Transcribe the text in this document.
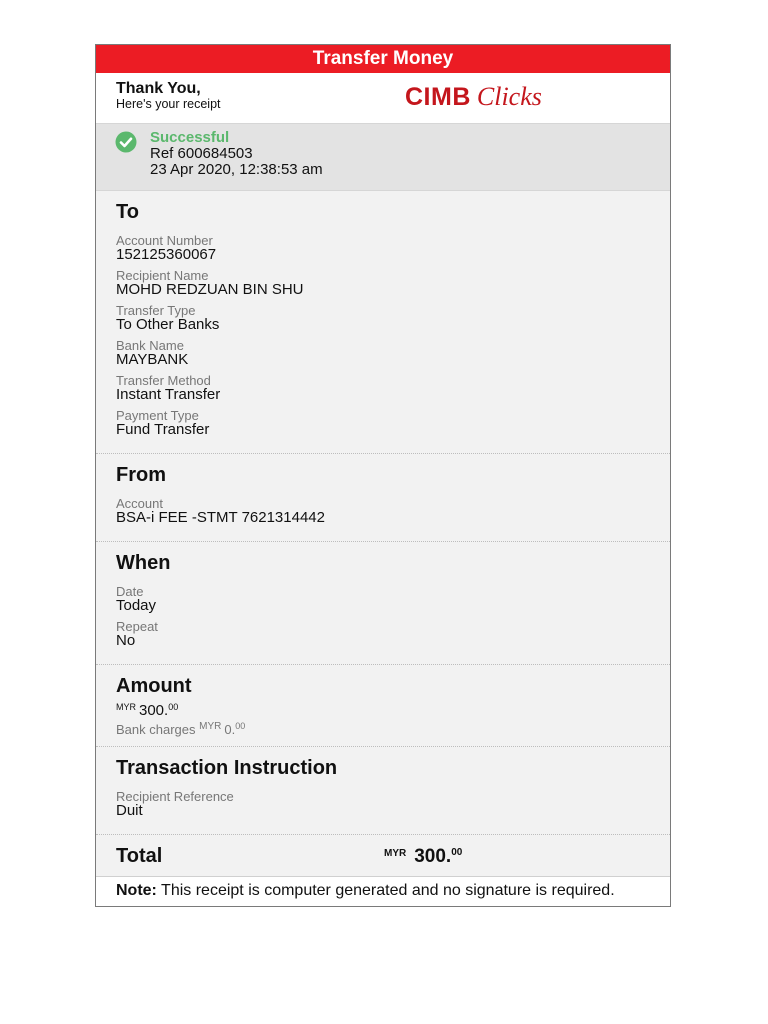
Transfer Money
Thank You,
Here's your receipt	CIMB Clicks
Successful
Ref 600684503
23 Apr 2020, 12:38:53 am
To
Account Number
152125360067
Recipient Name
MOHD REDZUAN BIN SHU
Transfer Type
To Other Banks
Bank Name
MAYBANK
Transfer Method
Instant Transfer
Payment Type
Fund Transfer
From
Account
BSA-i FEE -STMT 7621314442
When
Date
Today
Repeat
No
Amount
$^{MYR}$ 300.00
Bank charges $^{MYR}$ 0.00
Transaction Instruction
Recipient Reference
Duit
Total	$^{MYR}$ 300.00
Note: This receipt is computer generated and no signature is required.
